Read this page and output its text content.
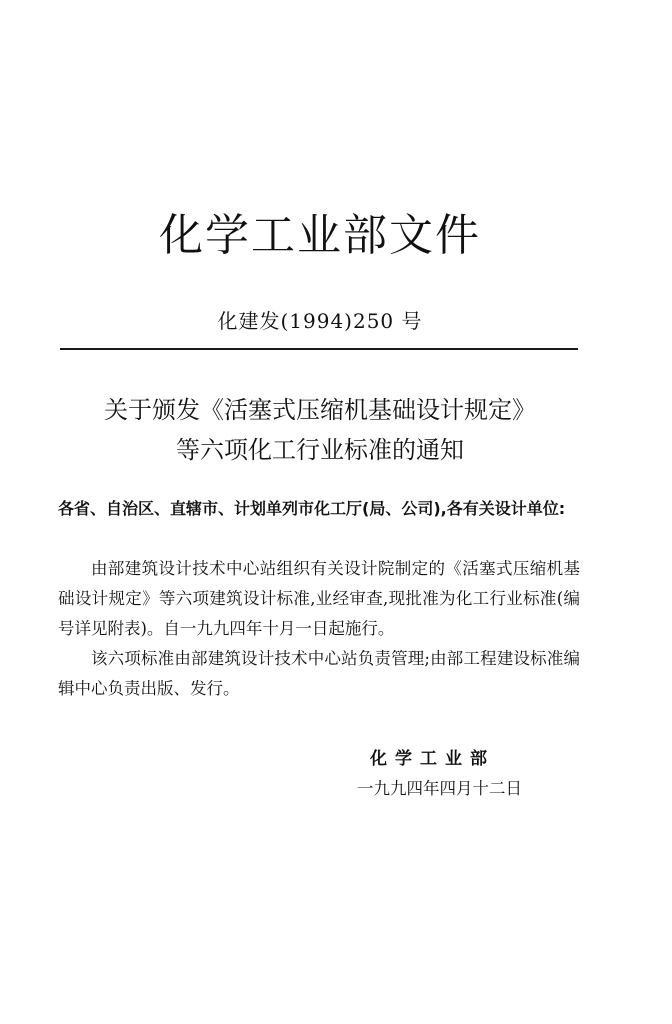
化学工业部文件
化建发(1994)250 号
关于颁发《活塞式压缩机基础设计规定》
等六项化工行业标准的通知
各省、自治区、直辖市、计划单列市化工厅(局、公司),各有关设计单位:
由部建筑设计技术中心站组织有关设计院制定的《活塞式压缩机基础设计规定》等六项建筑设计标准,业经审查,现批准为化工行业标准(编号详见附表)。自一九九四年十月一日起施行。
该六项标准由部建筑设计技术中心站负责管理;由部工程建设标准编辑中心负责出版、发行。
化学工业部
一九九四年四月十二日
